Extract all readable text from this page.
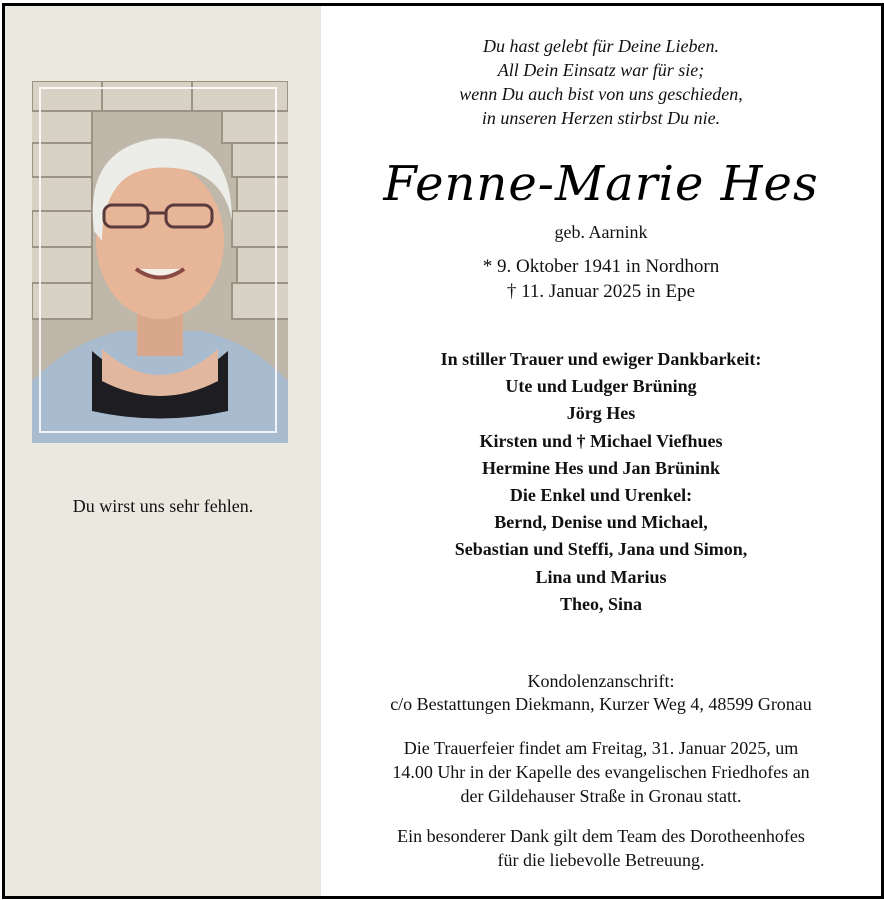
Du wirst uns sehr fehlen.
Du hast gelebt für Deine Lieben.
All Dein Einsatz war für sie;
wenn Du auch bist von uns geschieden,
in unseren Herzen stirbst Du nie.
Fenne-Marie Hes
geb. Aarnink
* 9. Oktober 1941 in Nordhorn
† 11. Januar 2025 in Epe
In stiller Trauer und ewiger Dankbarkeit:
Ute und Ludger Brüning
Jörg Hes
Kirsten und † Michael Viefhues
Hermine Hes und Jan Brünink
Die Enkel und Urenkel:
Bernd, Denise und Michael,
Sebastian und Steffi, Jana und Simon,
Lina und Marius
Theo, Sina
Kondolenzanschrift:
c/o Bestattungen Diekmann, Kurzer Weg 4, 48599 Gronau
Die Trauerfeier findet am Freitag, 31. Januar 2025, um
14.00 Uhr in der Kapelle des evangelischen Friedhofes an
der Gildehauser Straße in Gronau statt.
Ein besonderer Dank gilt dem Team des Dorotheenhofes
für die liebevolle Betreuung.
